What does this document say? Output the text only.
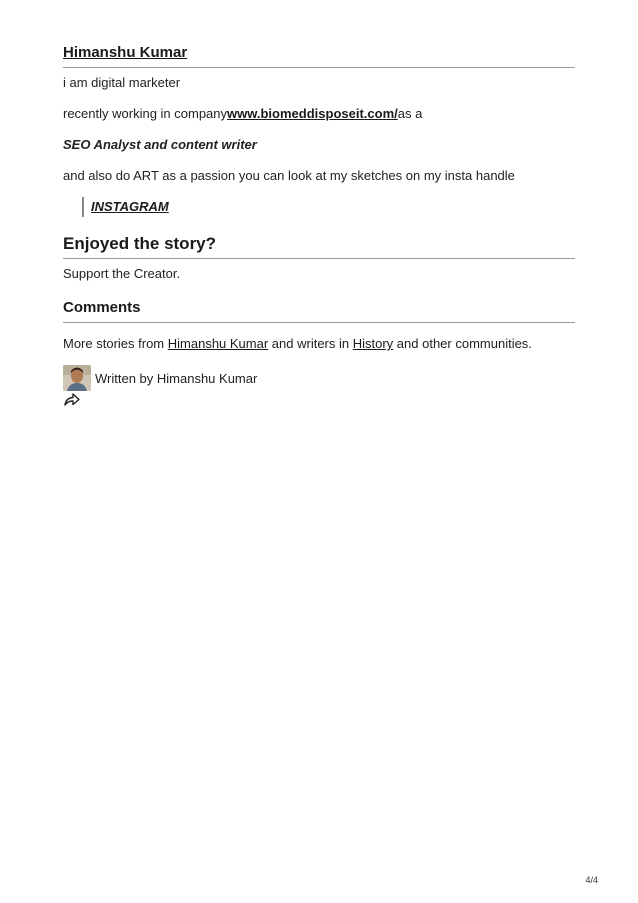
Himanshu Kumar
i am digital marketer
recently working in companywww.biomeddisposeit.com/as a
SEO Analyst and content writer
and also do ART as a passion you can look at my sketches on my insta handle
INSTAGRAM
Enjoyed the story?
Support the Creator.
Comments
More stories from Himanshu Kumar and writers in History and other communities.
Written by Himanshu Kumar
4/4
